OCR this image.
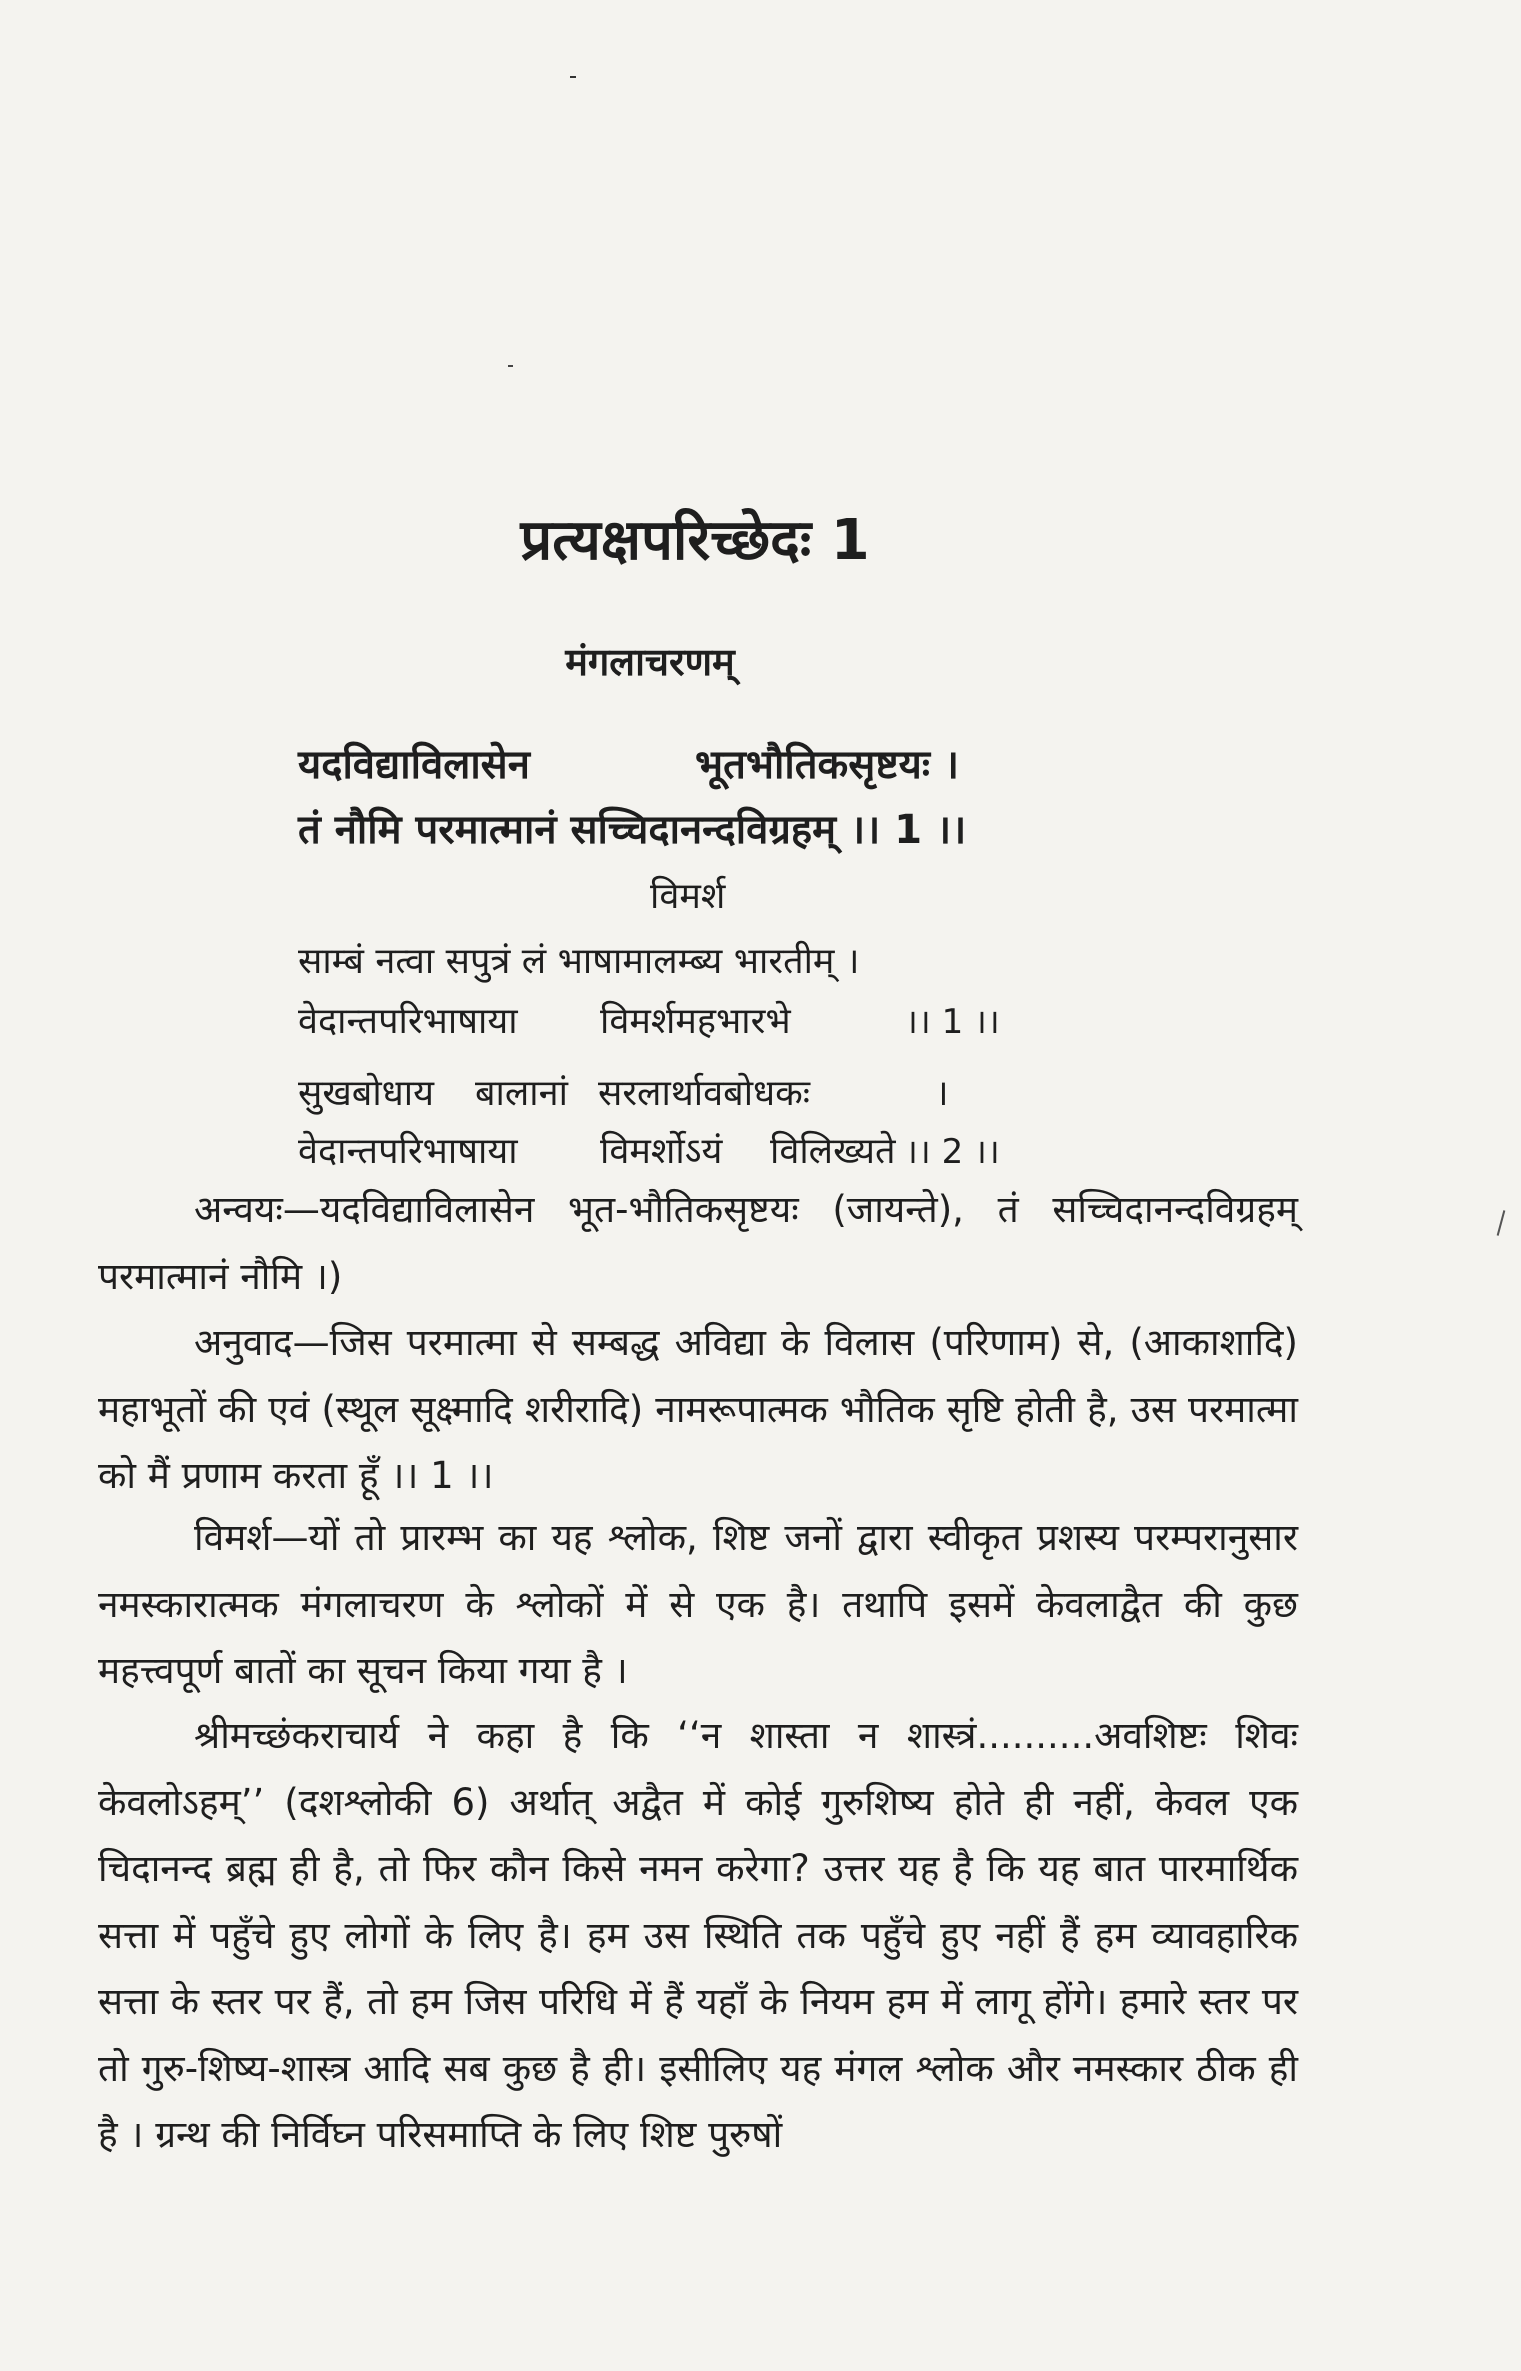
प्रत्यक्षपरिच्छेदः 1
मंगलाचरणम्
यदविद्याविलासेन	भूतभौतिकसृष्टयः ।
तं नौमि परमात्मानं सच्चिदानन्दविग्रहम् ।। 1 ।।
विमर्श
साम्बं नत्वा सपुत्रं लं भाषामालम्ब्य भारतीम् ।
वेदान्तपरिभाषाया विमर्शमहभारभे	।। 1 ।।
सुखबोधाय बालानां सरलार्थावबोधकः	।
वेदान्तपरिभाषाया विमर्शोऽयं विलिख्यते ।। 2 ।।
अन्वयः—यदविद्याविलासेन भूत-भौतिकसृष्टयः (जायन्ते), तं सच्चिदानन्दविग्रहम् परमात्मानं नौमि ।)
अनुवाद—जिस परमात्मा से सम्बद्ध अविद्या के विलास (परिणाम) से, (आकाशादि) महाभूतों की एवं (स्थूल सूक्ष्मादि शरीरादि) नामरूपात्मक भौतिक सृष्टि होती है, उस परमात्मा को मैं प्रणाम करता हूँ ।। 1 ।।
विमर्श—यों तो प्रारम्भ का यह श्लोक, शिष्ट जनों द्वारा स्वीकृत प्रशस्य परम्परानुसार नमस्कारात्मक मंगलाचरण के श्लोकों में से एक है। तथापि इसमें केवलाद्वैत की कुछ महत्त्वपूर्ण बातों का सूचन किया गया है ।
श्रीमच्छंकराचार्य ने कहा है कि ‘‘न शास्ता न शास्त्रं..........अवशिष्टः शिवः केवलोऽहम्’’ (दशश्लोकी 6) अर्थात् अद्वैत में कोई गुरुशिष्य होते ही नहीं, केवल एक चिदानन्द ब्रह्म ही है, तो फिर कौन किसे नमन करेगा? उत्तर यह है कि यह बात पारमार्थिक सत्ता में पहुँचे हुए लोगों के लिए है। हम उस स्थिति तक पहुँचे हुए नहीं हैं हम व्यावहारिक सत्ता के स्तर पर हैं, तो हम जिस परिधि में हैं यहाँ के नियम हम में लागू होंगे। हमारे स्तर पर तो गुरु-शिष्य-शास्त्र आदि सब कुछ है ही। इसीलिए यह मंगल श्लोक और नमस्कार ठीक ही है । ग्रन्थ की निर्विघ्न परिसमाप्ति के लिए शिष्ट पुरुषों
